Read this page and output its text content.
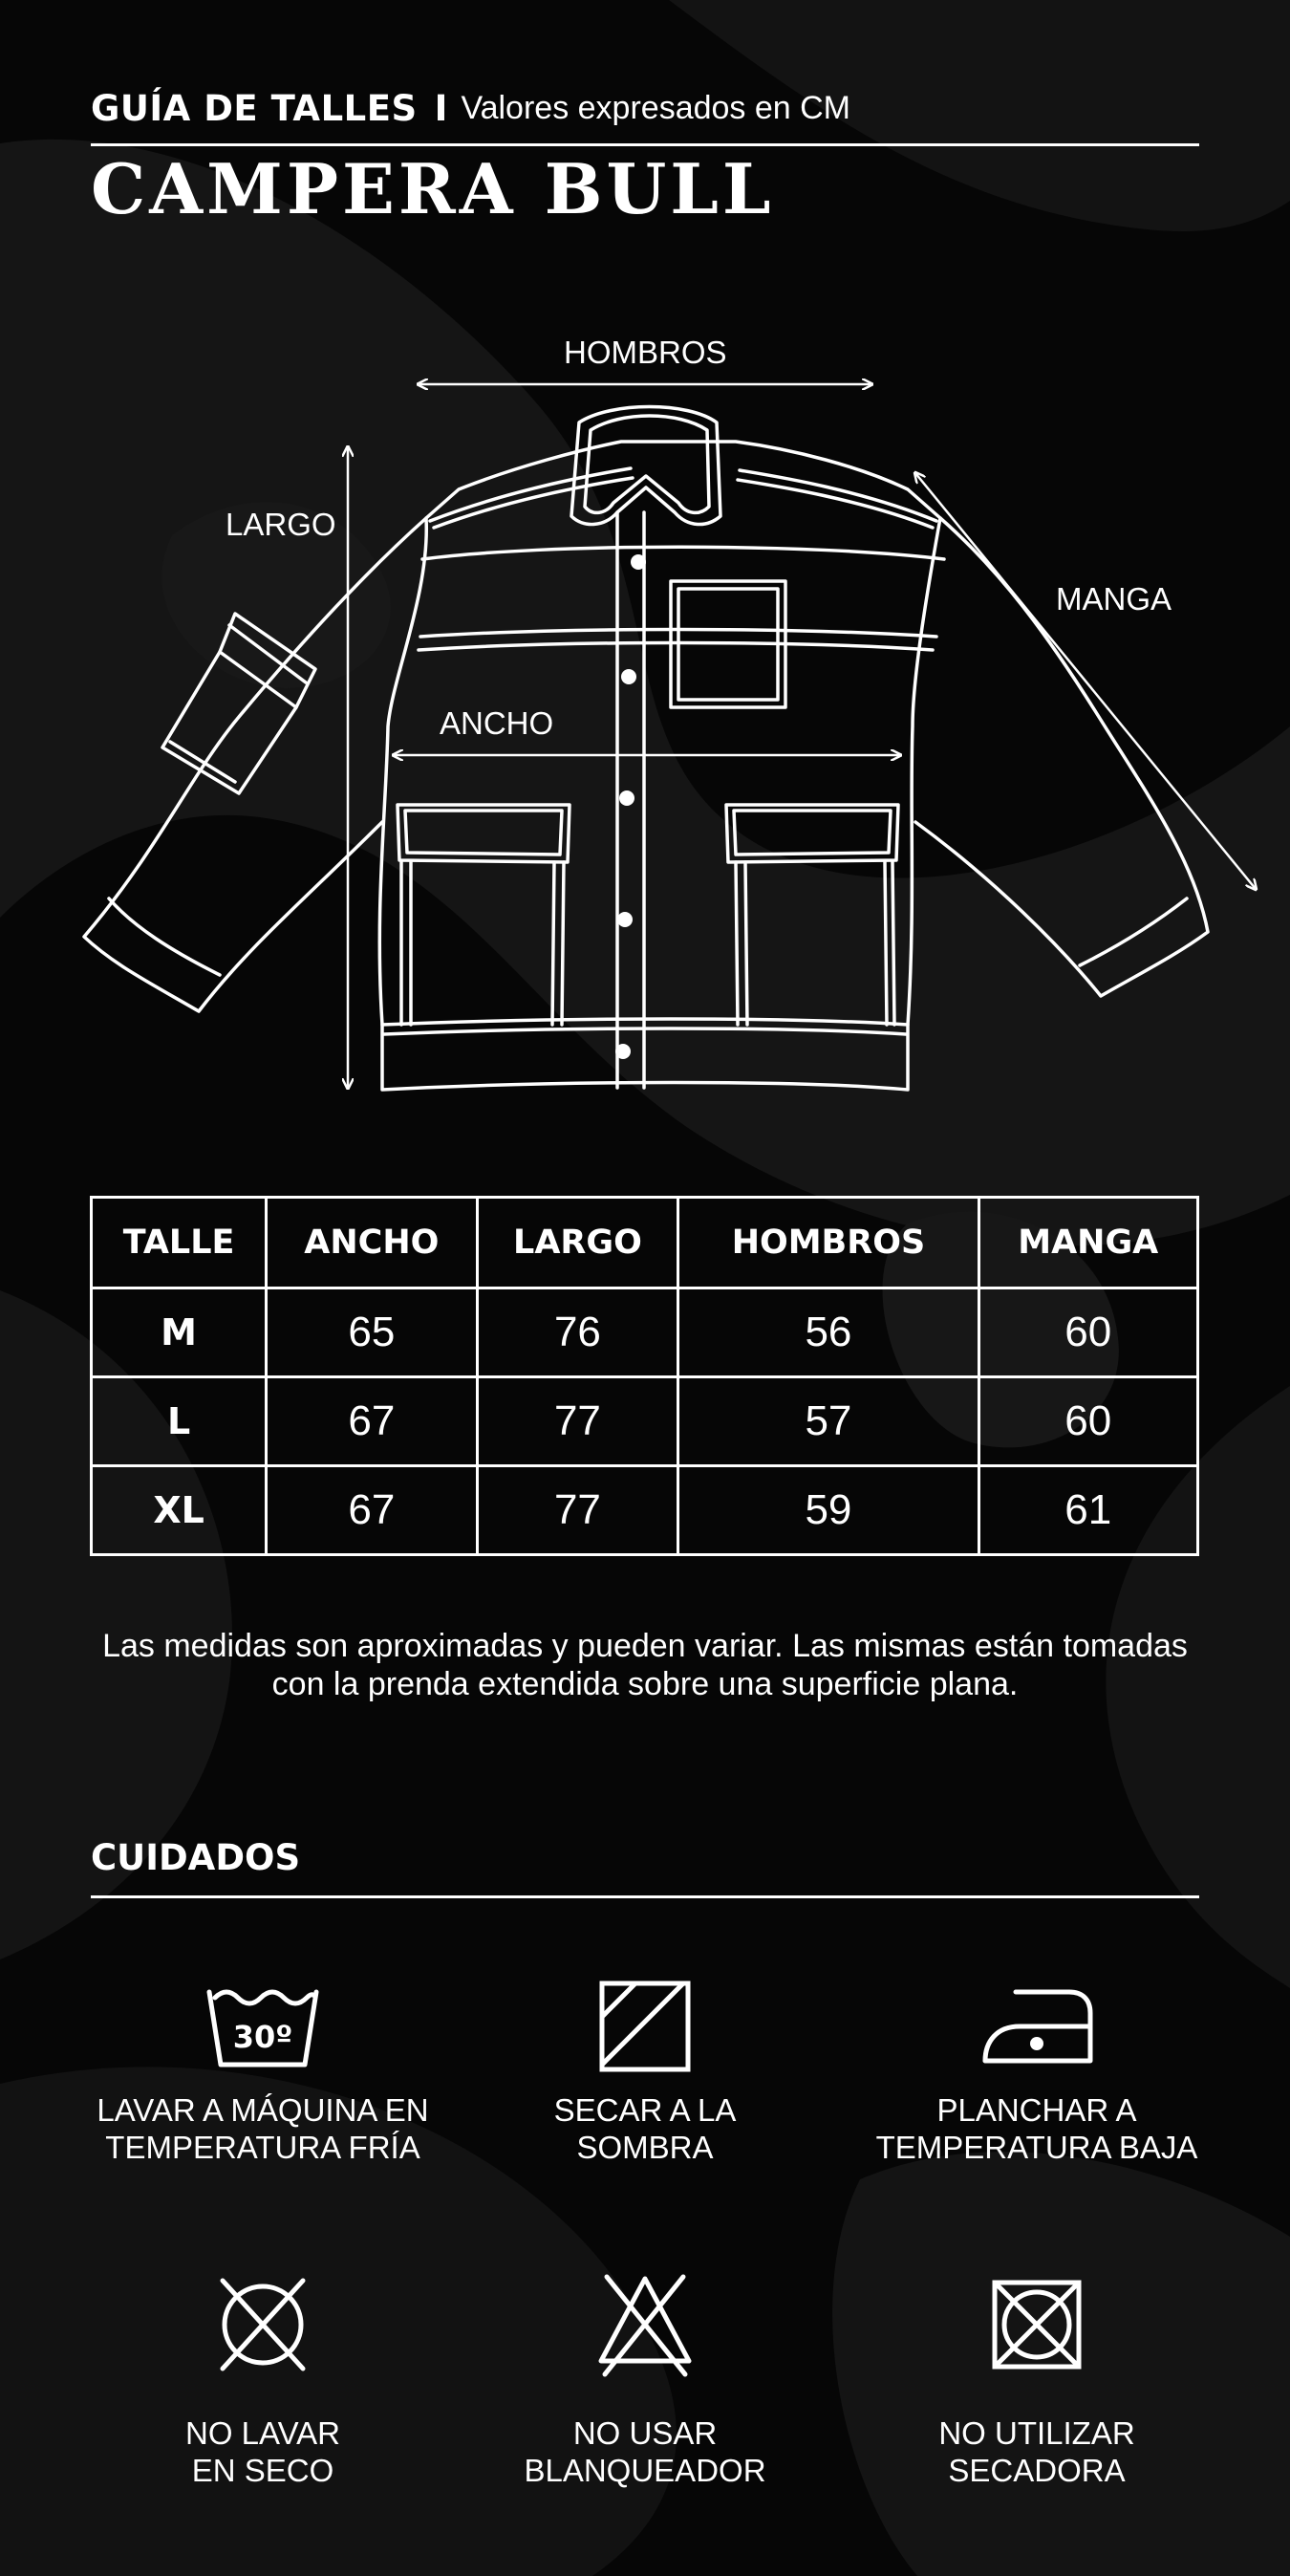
GUÍA DE TALLES I Valores expresados en CM
CAMPERA BULL
HOMBROS
LARGO
MANGA
ANCHO
TALLE	ANCHO	LARGO	HOMBROS	MANGA
M	65	76	56	60
L	67	77	57	60
XL	67	77	59	61

Las medidas son aproximadas y pueden variar. Las mismas están tomadas con la prenda extendida sobre una superficie plana.

CUIDADOS
30º
LAVAR A MÁQUINA EN
TEMPERATURA FRÍA
SECAR A LA
SOMBRA
PLANCHAR A
TEMPERATURA BAJA
NO LAVAR
EN SECO
NO USAR
BLANQUEADOR
NO UTILIZAR
SECADORA
